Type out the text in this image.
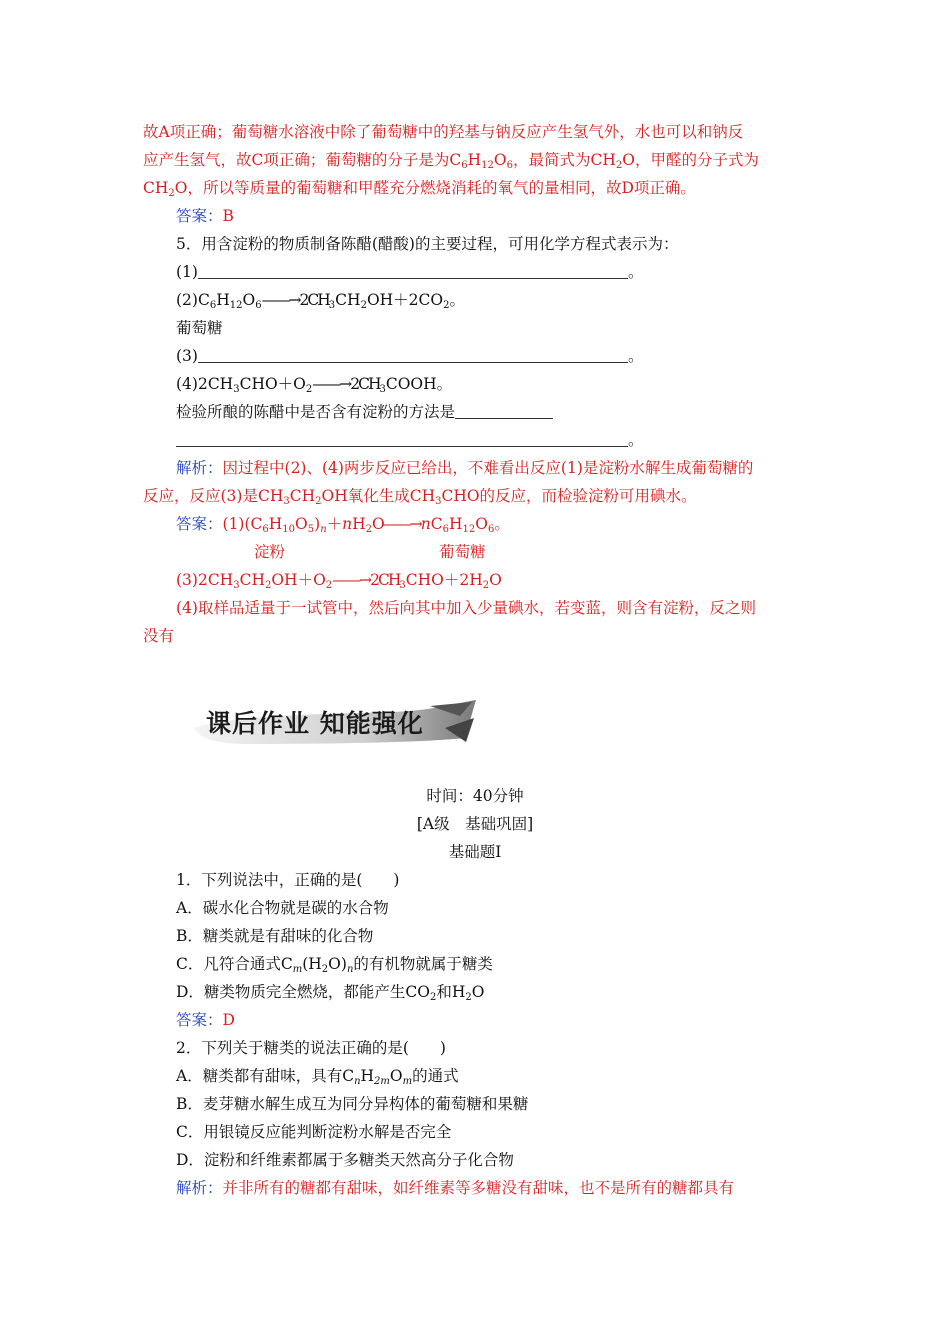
故A项正确；葡萄糖水溶液中除了葡萄糖中的羟基与钠反应产生氢气外，水也可以和钠反
应产生氢气，故C项正确；葡萄糖的分子是为$C_6H_{12}O_6$，最简式为$CH_2O$，甲醛的分子式为
$CH_2O$，所以等质量的葡萄糖和甲醛充分燃烧消耗的氧气的量相同，故D项正确。
答案：B
5．用含淀粉的物质制备陈醋(醋酸)的主要过程，可用化学方程式表示为：
(1)	。
$(2)C_6H_{12}O_6——\to 2CH_3CH_2OH+2CO_2$。
葡萄糖
(3)	。
$(4)2CH_3CHO+O_2——\to 2CH_3COOH$。
检验所酿的陈醋中是否含有淀粉的方法是
。
解析：因过程中(2)、(4)两步反应已给出，不难看出反应(1)是淀粉水解生成葡萄糖的
反应，反应(3)是$CH_3CH_2OH$氧化生成$CH_3CHO$的反应，而检验淀粉可用碘水。
答案：$(1)(C_6H_{10}O_5)_n+nH_2O——\to nC_6H_{12}O_6$。
淀粉	葡萄糖
$(3)2CH_3CH_2OH+O_2——\to 2CH_3CHO+2H_2O$
(4)取样品适量于一试管中，然后向其中加入少量碘水，若变蓝，则含有淀粉，反之则
没有
课后作业 知能强化
时间：40分钟
[A级　基础巩固]
基础题Ⅰ
1．下列说法中，正确的是(　　)
A．碳水化合物就是碳的水合物
B．糖类就是有甜味的化合物
C．凡符合通式$C_m(H_2O)_n$的有机物就属于糖类
D．糖类物质完全燃烧，都能产生$CO_2$和$H_2O$
答案：D
2．下列关于糖类的说法正确的是(　　)
A．糖类都有甜味，具有$C_nH_{2m}O_m$的通式
B．麦芽糖水解生成互为同分异构体的葡萄糖和果糖
C．用银镜反应能判断淀粉水解是否完全
D．淀粉和纤维素都属于多糖类天然高分子化合物
解析：并非所有的糖都有甜味，如纤维素等多糖没有甜味，也不是所有的糖都具有
